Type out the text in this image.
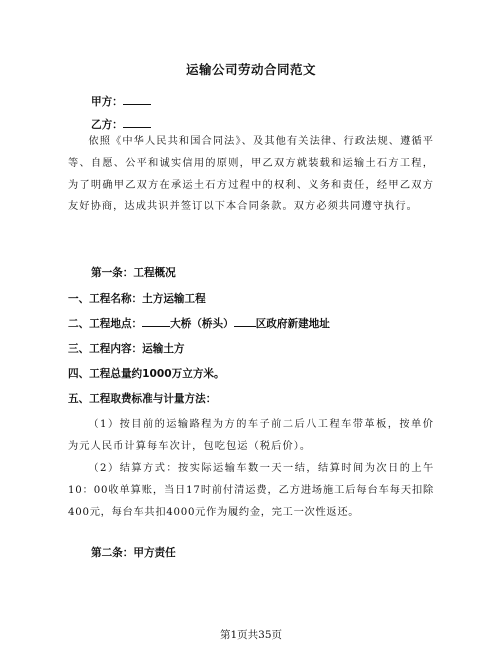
运输公司劳动合同范文
甲方：
乙方：
依照《中华人民共和国合同法》、及其他有关法律、行政法规、遵循平等、自愿、公平和诚实信用的原则，甲乙双方就装载和运输土石方工程，为了明确甲乙双方在承运土石方过程中的权利、义务和责任，经甲乙双方友好协商，达成共识并签订以下本合同条款。双方必须共同遵守执行。
第一条：工程概况
一、工程名称：土方运输工程
二、工程地点：	大桥（桥头） 区政府新建地址
三、工程内容：运输土方
四、工程总量约1000万立方米。
五、工程取费标准与计量方法：
（1）按目前的运输路程为方的车子前二后八工程车带革板，按单价为元人民币计算每车次计，包吃包运（税后价）。
（2）结算方式：按实际运输车数一天一结，结算时间为次日的上午10：00收单算账，当日17时前付清运费，乙方进场施工后每台车每天扣除400元，每台车共扣4000元作为履约金，完工一次性返还。
第二条：甲方责任
第1页共35页
